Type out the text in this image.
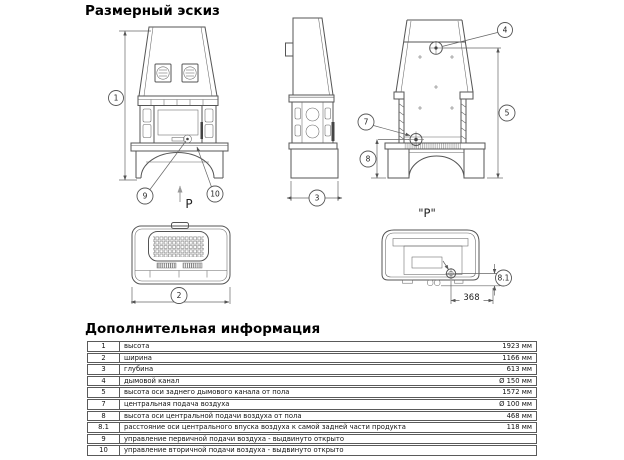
Размерный эскиз
P
"P"
368
1
9	10	3
4
5
7
8
2
8.1
Дополнительная информация
1	высота	1923 мм
2	ширина	1166 мм
3	глубина	613 мм
4	дымовой канал	Ø 150 мм
5	высота оси заднего дымового канала от пола	1572 мм
7	центральная подача воздуха	Ø 100 мм
8	высота оси центральной подачи воздуха от пола	468 мм
8.1	расстояние оси центрального впуска воздуха к самой задней части продукта	118 мм
9	управление первичной подачи воздуха - выдвинуто открыто
10	управление вторичной подачи воздуха - выдвинуто открыто
